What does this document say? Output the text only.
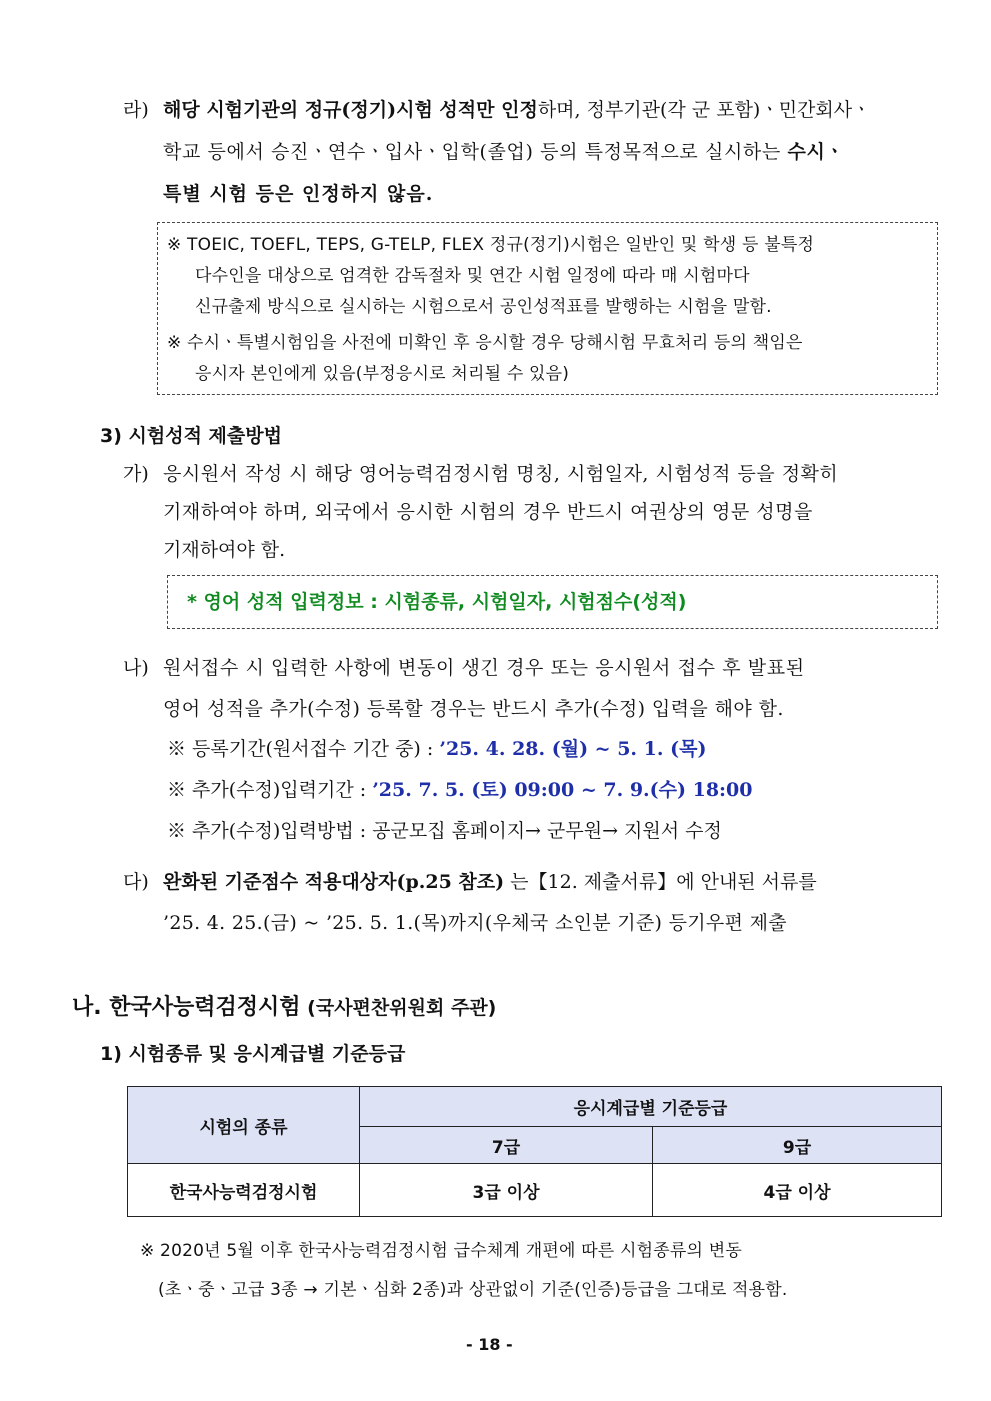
라) 해당 시험기관의 정규(정기)시험 성적만 인정하며, 정부기관(각 군 포함)ㆍ민간회사ㆍ
학교 등에서 승진ㆍ연수ㆍ입사ㆍ입학(졸업) 등의 특정목적으로 실시하는 수시ㆍ
특별 시험 등은 인정하지 않음.
※ TOEIC, TOEFL, TEPS, G-TELP, FLEX 정규(정기)시험은 일반인 및 학생 등 불특정
다수인을 대상으로 엄격한 감독절차 및 연간 시험 일정에 따라 매 시험마다
신규출제 방식으로 실시하는 시험으로서 공인성적표를 발행하는 시험을 말함.
※ 수시ㆍ특별시험임을 사전에 미확인 후 응시할 경우 당해시험 무효처리 등의 책임은
응시자 본인에게 있음(부정응시로 처리될 수 있음)
3) 시험성적 제출방법
가) 응시원서 작성 시 해당 영어능력검정시험 명칭, 시험일자, 시험성적 등을 정확히
기재하여야 하며, 외국에서 응시한 시험의 경우 반드시 여권상의 영문 성명을
기재하여야 함.
* 영어 성적 입력정보 : 시험종류, 시험일자, 시험점수(성적)
나) 원서접수 시 입력한 사항에 변동이 생긴 경우 또는 응시원서 접수 후 발표된
영어 성적을 추가(수정) 등록할 경우는 반드시 추가(수정) 입력을 해야 함.
※ 등록기간(원서접수 기간 중) : ’25. 4. 28. (월) ~ 5. 1. (목)
※ 추가(수정)입력기간 : ’25. 7. 5. (토) 09:00 ~ 7. 9.(수) 18:00
※ 추가(수정)입력방법 : 공군모집 홈페이지→ 군무원→ 지원서 수정
다) 완화된 기준점수 적용대상자(p.25 참조) 는【12. 제출서류】에 안내된 서류를
’25. 4. 25.(금) ~ ’25. 5. 1.(목)까지(우체국 소인분 기준) 등기우편 제출
나. 한국사능력검정시험 (국사편찬위원회 주관)
1) 시험종류 및 응시계급별 기준등급
시험의 종류	응시계급별 기준등급	
	7급	9급
한국사능력검정시험	3급 이상	4급 이상
※ 2020년 5월 이후 한국사능력검정시험 급수체계 개편에 따른 시험종류의 변동
(초ㆍ중ㆍ고급 3종 → 기본ㆍ심화 2종)과 상관없이 기준(인증)등급을 그대로 적용함.
- 18 -
